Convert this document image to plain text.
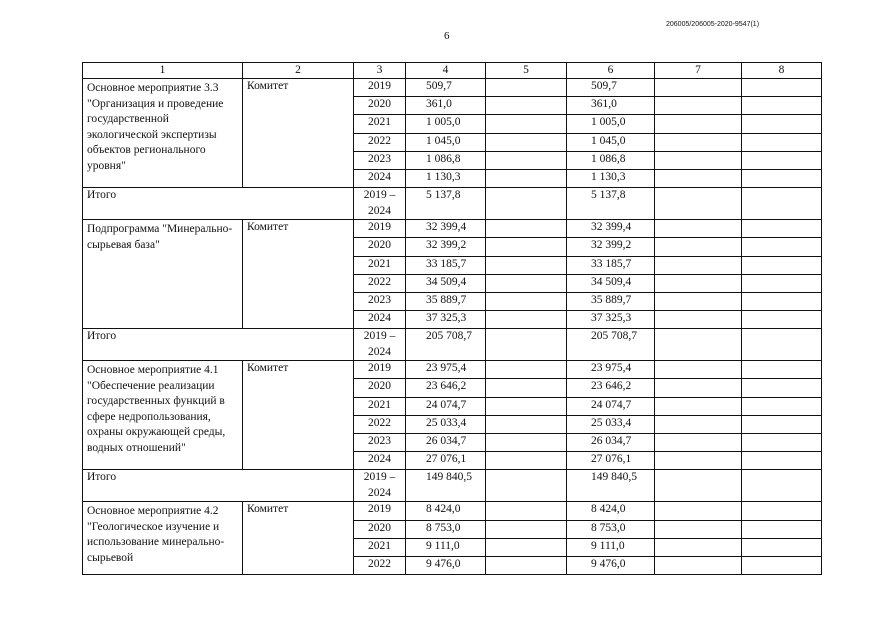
6
206005/206005-2020-9547(1)
1	2	3	4	5	6	7	8
Основное мероприятие 3.3 "Организация и проведение государственной экологической экспертизы объектов регионального уровня"	Комитет	2019	509,7		509,7		
		2020	361,0		361,0		
		2021	1 005,0		1 005,0		
		2022	1 045,0		1 045,0		
		2023	1 086,8		1 086,8		
		2024	1 130,3		1 130,3		
Итого		2019 – 2024	5 137,8		5 137,8		
Подпрограмма "Минерально-сырьевая база"	Комитет	2019	32 399,4		32 399,4		
		2020	32 399,2		32 399,2		
		2021	33 185,7		33 185,7		
		2022	34 509,4		34 509,4		
		2023	35 889,7		35 889,7		
		2024	37 325,3		37 325,3		
Итого		2019 – 2024	205 708,7		205 708,7		
Основное мероприятие 4.1 "Обеспечение реализации государственных функций в сфере недропользования, охраны окружающей среды, водных отношений"	Комитет	2019	23 975,4		23 975,4		
		2020	23 646,2		23 646,2		
		2021	24 074,7		24 074,7		
		2022	25 033,4		25 033,4		
		2023	26 034,7		26 034,7		
		2024	27 076,1		27 076,1		
Итого		2019 – 2024	149 840,5		149 840,5		
Основное мероприятие 4.2 "Геологическое изучение и использование минерально-сырьевой	Комитет	2019	8 424,0		8 424,0		
		2020	8 753,0		8 753,0		
		2021	9 111,0		9 111,0		
		2022	9 476,0		9 476,0		
